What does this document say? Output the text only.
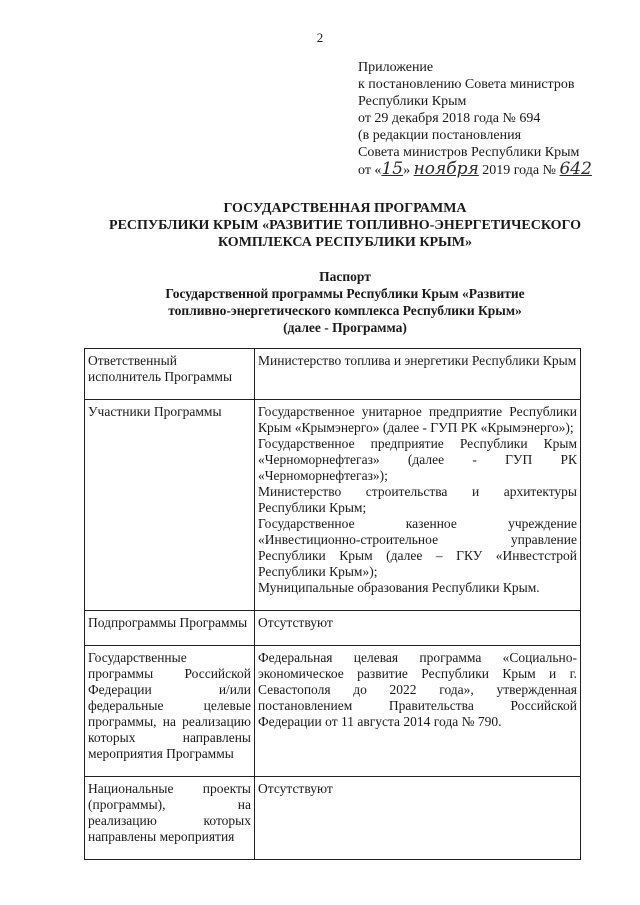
2
Приложение
к постановлению Совета министров
Республики Крым
от 29 декабря 2018 года № 694
(в редакции постановления
Совета министров Республики Крым
от «15» ноября 2019 года № 642
ГОСУДАРСТВЕННАЯ ПРОГРАММА
РЕСПУБЛИКИ КРЫМ «РАЗВИТИЕ ТОПЛИВНО-ЭНЕРГЕТИЧЕСКОГО
КОМПЛЕКСА РЕСПУБЛИКИ КРЫМ»
Паспорт
Государственной программы Республики Крым «Развитие
топливно-энергетического комплекса Республики Крым»
(далее - Программа)
Ответственный исполнитель Программы	Министерство топлива и энергетики Республики Крым
Участники Программы	Государственное унитарное предприятие Республики Крым «Крымэнерго» (далее - ГУП РК «Крымэнерго»);
Государственное предприятие Республики Крым «Черноморнефтегаз» (далее - ГУП РК «Черноморнефтегаз»);
Министерство строительства и архитектуры Республики Крым;
Государственное казенное учреждение «Инвестиционно-строительное управление Республики Крым (далее – ГКУ «Инвестстрой Республики Крым»);
Муниципальные образования Республики Крым.
Подпрограммы Программы	Отсутствуют
Государственные программы Российской Федерации и/или федеральные целевые программы, на реализацию которых направлены мероприятия Программы	Федеральная целевая программа «Социально-экономическое развитие Республики Крым и г. Севастополя до 2022 года», утвержденная постановлением Правительства Российской Федерации от 11 августа 2014 года № 790.
Национальные проекты (программы), на реализацию которых направлены мероприятия	Отсутствуют
